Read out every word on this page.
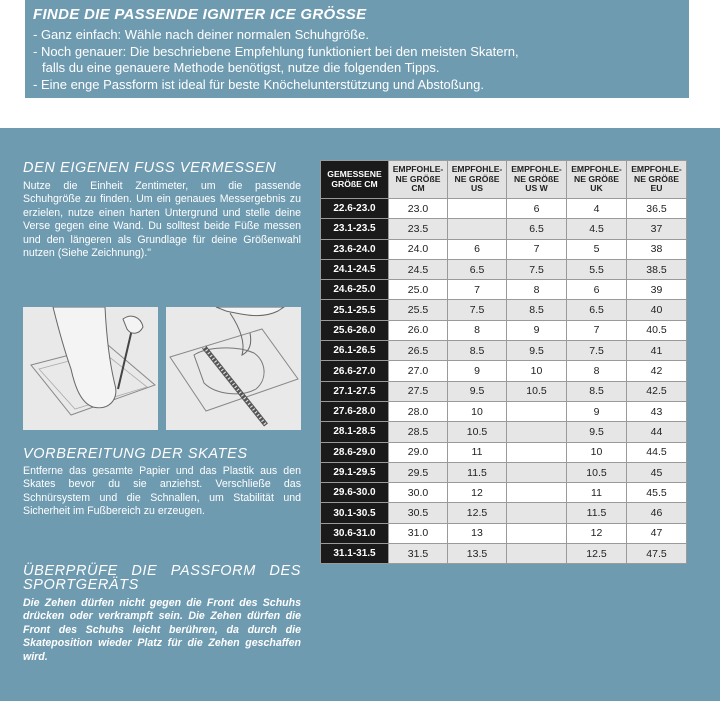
FINDE DIE PASSENDE IGNITER ICE GRÖSSE

- Ganz einfach: Wähle nach deiner normalen Schuhgröße.

- Noch genauer: Die beschriebene Empfehlung funktioniert bei den meisten Skatern,

falls du eine genauere Methode benötigst, nutze die folgenden Tipps.

- Eine enge Passform ist ideal für beste Knöchelunterstützung und Abstoßung.

DEN EIGENEN FUSS VERMESSEN

Nutze die Einheit Zentimeter, um die passende Schuhgröße zu finden. Um ein genaues Messergebnis zu erzielen, nutze einen harten Untergrund und stelle deine Verse gegen eine Wand. Du solltest beide Füße messen und den längeren als Grundlage für deine Größenwahl nutzen (Siehe Zeichnung)."

VORBEREITUNG DER SKATES

Entferne das gesamte Papier und das Plastik aus den Skates bevor du sie anziehst. Verschließe das Schnürsystem und die Schnallen, um Stabilität und Sicherheit im Fußbereich zu erzeugen.

ÜBERPRÜFE DIE PASSFORM DES SPORTGERÄTS

Die Zehen dürfen nicht gegen die Front des Schuhs drücken oder verkrampft sein. Die Zehen dürfen die Front des Schuhs leicht berühren, da durch die Skateposition wieder Platz für die Zehen geschaffen wird.

GEMESSENE GRÖßE CM	EMPFOHLE-NE GRÖßE CM	EMPFOHLE-NE GRÖßE US	EMPFOHLE-NE GRÖßE US W	EMPFOHLE-NE GRÖßE UK	EMPFOHLE-NE GRÖßE EU
22.6-23.0	23.0		6	4	36.5
23.1-23.5	23.5		6.5	4.5	37
23.6-24.0	24.0	6	7	5	38
24.1-24.5	24.5	6.5	7.5	5.5	38.5
24.6-25.0	25.0	7	8	6	39
25.1-25.5	25.5	7.5	8.5	6.5	40
25.6-26.0	26.0	8	9	7	40.5
26.1-26.5	26.5	8.5	9.5	7.5	41
26.6-27.0	27.0	9	10	8	42
27.1-27.5	27.5	9.5	10.5	8.5	42.5
27.6-28.0	28.0	10		9	43
28.1-28.5	28.5	10.5		9.5	44
28.6-29.0	29.0	11		10	44.5
29.1-29.5	29.5	11.5		10.5	45
29.6-30.0	30.0	12		11	45.5
30.1-30.5	30.5	12.5		11.5	46
30.6-31.0	31.0	13		12	47
31.1-31.5	31.5	13.5		12.5	47.5
